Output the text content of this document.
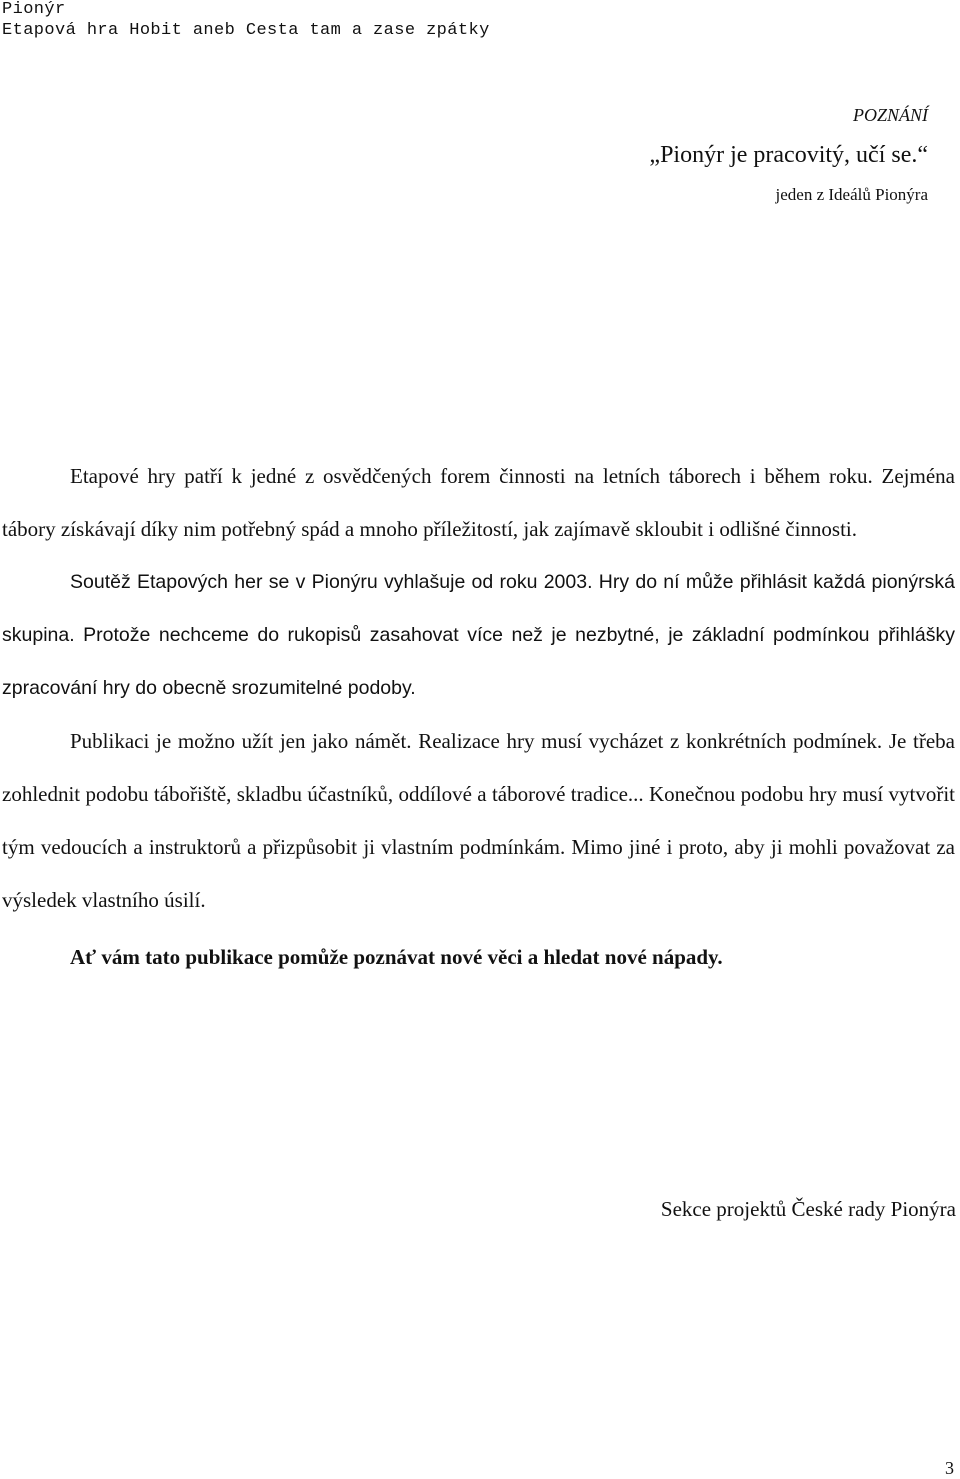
Pionýr
Etapová hra Hobit aneb Cesta tam a zase zpátky
POZNÁNÍ
„Pionýr je pracovitý, učí se.“
jeden z Ideálů Pionýra

Etapové hry patří k jedné z osvědčených forem činnosti na letních táborech i během roku. Zejména tábory získávají díky nim potřebný spád a mnoho příležitostí, jak zajímavě skloubit i odlišné činnosti.

Soutěž Etapových her se v Pionýru vyhlašuje od roku 2003. Hry do ní může přihlásit každá pionýrská skupina. Protože nechceme do rukopisů zasahovat více než je nezbytné, je základní podmínkou přihlášky zpracování hry do obecně srozumitelné podoby.

Publikaci je možno užít jen jako námět. Realizace hry musí vycházet z konkrétních podmínek. Je třeba zohlednit podobu tábořiště, skladbu účastníků, oddílové a táborové tradice... Konečnou podobu hry musí vytvořit tým vedoucích a instruktorů a přizpůsobit ji vlastním podmínkám. Mimo jiné i proto, aby ji mohli považovat za výsledek vlastního úsilí.

Ať vám tato publikace pomůže poznávat nové věci a hledat nové nápady.

Sekce projektů České rady Pionýra
3
